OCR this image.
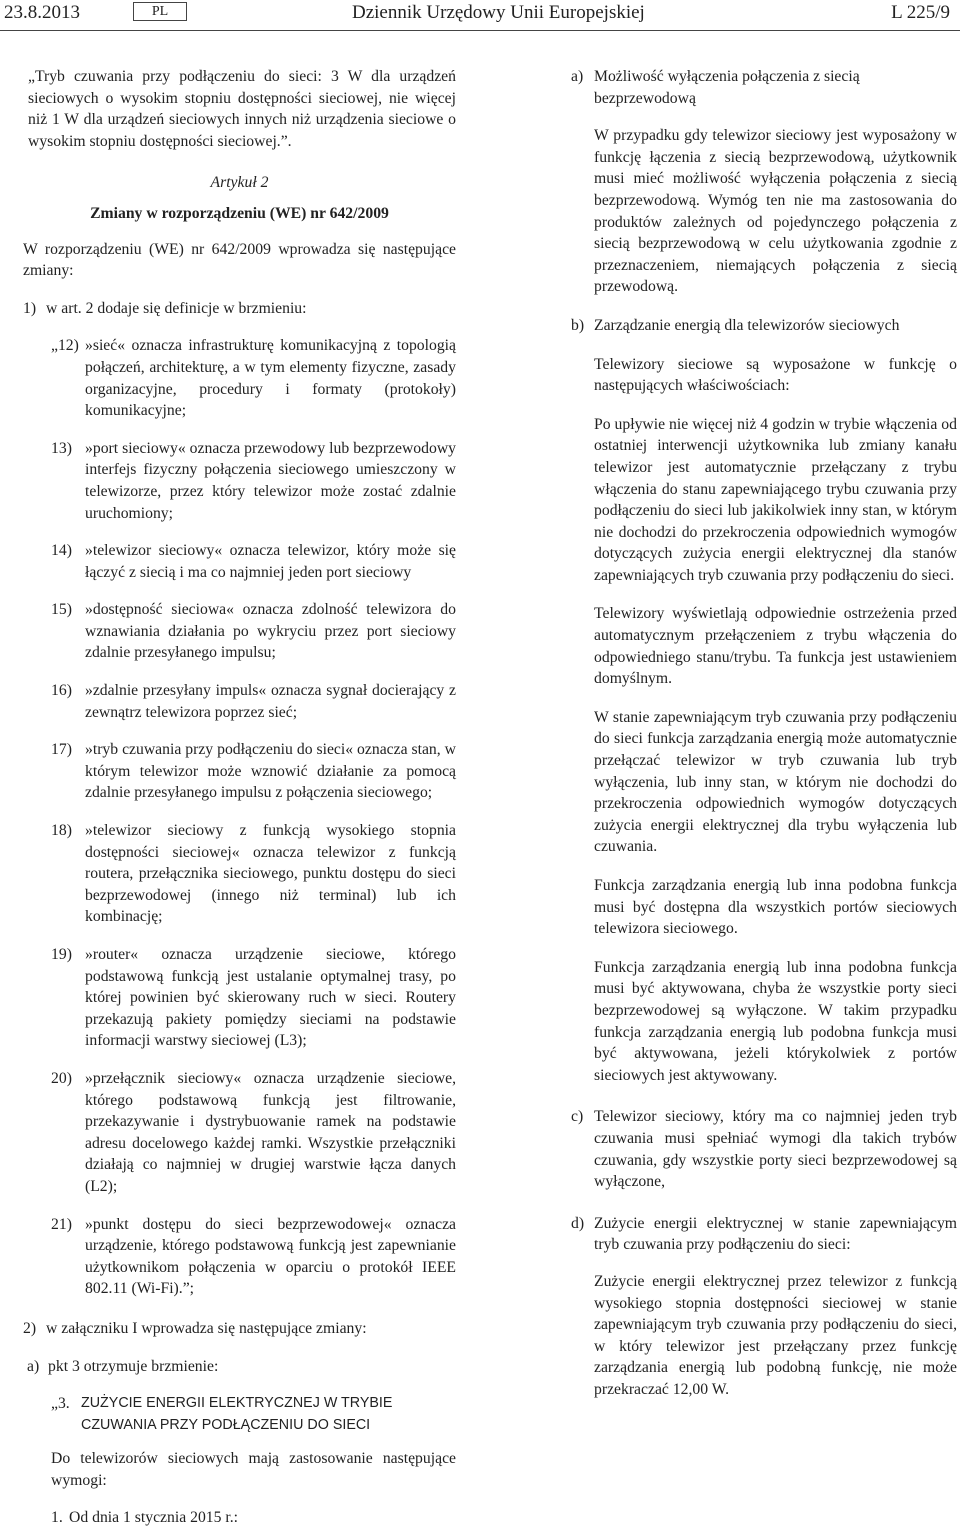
23.8.2013	PL	Dziennik Urzędowy Unii Europejskiej	L 225/9

„Tryb czuwania przy podłączeniu do sieci: 3 W dla urządzeń sieciowych o wysokim stopniu dostępności sieciowej, nie więcej niż 1 W dla urządzeń sieciowych innych niż urządzenia sieciowe o wysokim stopniu dostępności sieciowej.”.

Artykuł 2

Zmiany w rozporządzeniu (WE) nr 642/2009

W rozporządzeniu (WE) nr 642/2009 wprowadza się następujące zmiany:

1) w art. 2 dodaje się definicje w brzmieniu:
„12) »sieć« oznacza infrastrukturę komunikacyjną z topologią połączeń, architekturę, a w tym elementy fizyczne, zasady organizacyjne, procedury i formaty (protokoły) komunikacyjne;
13) »port sieciowy« oznacza przewodowy lub bezprzewodowy interfejs fizyczny połączenia sieciowego umieszczony w telewizorze, przez który telewizor może zostać zdalnie uruchomiony;
14) »telewizor sieciowy« oznacza telewizor, który może się łączyć z siecią i ma co najmniej jeden port sieciowy
15) »dostępność sieciowa« oznacza zdolność telewizora do wznawiania działania po wykryciu przez port sieciowy zdalnie przesyłanego impulsu;
16) »zdalnie przesyłany impuls« oznacza sygnał docierający z zewnątrz telewizora poprzez sieć;
17) »tryb czuwania przy podłączeniu do sieci« oznacza stan, w którym telewizor może wznowić działanie za pomocą zdalnie przesyłanego impulsu z połączenia sieciowego;
18) »telewizor sieciowy z funkcją wysokiego stopnia dostępności sieciowej« oznacza telewizor z funkcją routera, przełącznika sieciowego, punktu dostępu do sieci bezprzewodowej (innego niż terminal) lub ich kombinację;
19) »router« oznacza urządzenie sieciowe, którego podstawową funkcją jest ustalanie optymalnej trasy, po której powinien być skierowany ruch w sieci. Routery przekazują pakiety pomiędzy sieciami na podstawie informacji warstwy sieciowej (L3);
20) »przełącznik sieciowy« oznacza urządzenie sieciowe, którego podstawową funkcją jest filtrowanie, przekazywanie i dystrybuowanie ramek na podstawie adresu docelowego każdej ramki. Wszystkie przełączniki działają co najmniej w drugiej warstwie łącza danych (L2);
21) »punkt dostępu do sieci bezprzewodowej« oznacza urządzenie, którego podstawową funkcją jest zapewnianie użytkownikom połączenia w oparciu o protokół IEEE 802.11 (Wi-Fi).”;
2) w załączniku I wprowadza się następujące zmiany:
a) pkt 3 otrzymuje brzmienie:
„3. ZUŻYCIE ENERGII ELEKTRYCZNEJ W TRYBIE CZUWANIA PRZY PODŁĄCZENIU DO SIECI

Do telewizorów sieciowych mają zastosowanie następujące wymogi:

1. Od dnia 1 stycznia 2015 r.:
a) Możliwość wyłączenia połączenia z siecią bezprzewodową

W przypadku gdy telewizor sieciowy jest wyposażony w funkcję łączenia z siecią bezprzewodową, użytkownik musi mieć możliwość wyłączenia połączenia z siecią bezprzewodową. Wymóg ten nie ma zastosowania do produktów zależnych od pojedynczego połączenia z siecią bezprzewodową w celu użytkowania zgodnie z przeznaczeniem, niemających połączenia z siecią przewodową.

b) Zarządzanie energią dla telewizorów sieciowych

Telewizory sieciowe są wyposażone w funkcję o następujących właściwościach:

Po upływie nie więcej niż 4 godzin w trybie włączenia od ostatniej interwencji użytkownika lub zmiany kanału telewizor jest automatycznie przełączany z trybu włączenia do stanu zapewniającego trybu czuwania przy podłączeniu do sieci lub jakikolwiek inny stan, w którym nie dochodzi do przekroczenia odpowiednich wymogów dotyczących zużycia energii elektrycznej dla stanów zapewniających tryb czuwania przy podłączeniu do sieci.

Telewizory wyświetlają odpowiednie ostrzeżenia przed automatycznym przełączeniem z trybu włączenia do odpowiedniego stanu/trybu. Ta funkcja jest ustawieniem domyślnym.

W stanie zapewniającym tryb czuwania przy podłączeniu do sieci funkcja zarządzania energią może automatycznie przełączać telewizor w tryb czuwania lub tryb wyłączenia, lub inny stan, w którym nie dochodzi do przekroczenia odpowiednich wymogów dotyczących zużycia energii elektrycznej dla trybu wyłączenia lub czuwania.

Funkcja zarządzania energią lub inna podobna funkcja musi być dostępna dla wszystkich portów sieciowych telewizora sieciowego.

Funkcja zarządzania energią lub inna podobna funkcja musi być aktywowana, chyba że wszystkie porty sieci bezprzewodowej są wyłączone. W takim przypadku funkcja zarządzania energią lub podobna funkcja musi być aktywowana, jeżeli którykolwiek z portów sieciowych jest aktywowany.

c) Telewizor sieciowy, który ma co najmniej jeden tryb czuwania musi spełniać wymogi dla takich trybów czuwania, gdy wszystkie porty sieci bezprzewodowej są wyłączone,
d) Zużycie energii elektrycznej w stanie zapewniającym tryb czuwania przy podłączeniu do sieci:

Zużycie energii elektrycznej przez telewizor z funkcją wysokiego stopnia dostępności sieciowej w stanie zapewniającym tryb czuwania przy podłączeniu do sieci, w który telewizor jest przełączany przez funkcję zarządzania energią lub podobną funkcję, nie może przekraczać 12,00 W.
